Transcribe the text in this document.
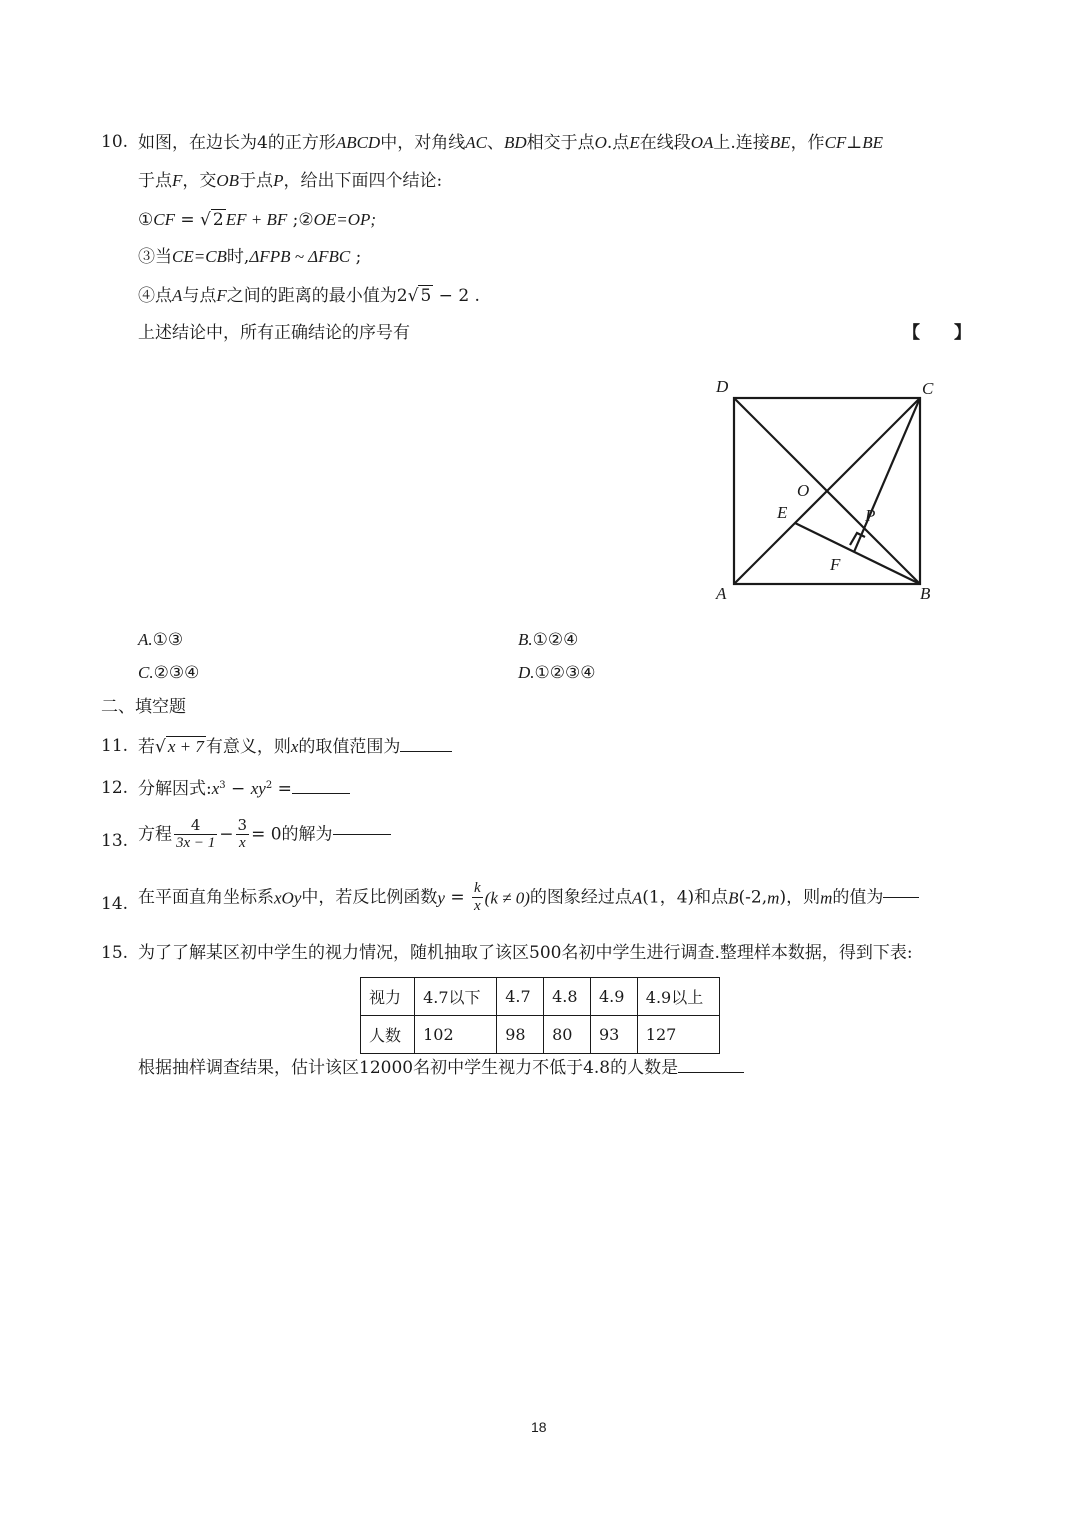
10. 如图，在边长为4的正方形ABCD中，对角线AC、BD相交于点O.点E在线段OA上.连接BE，作CF⊥BE
于点F，交OB于点P，给出下面四个结论:
①CF = √ 2 EF + BF ;②OE=OP;
③当CE=CB时,ΔFPB ~ ΔFBC ;
④点A与点F之间的距离的最小值为2√ 5 − 2 .
上述结论中，所有正确结论的序号有	【　　】
D	C
O
E	P
F
A	B
A.①③	B.①②④
C.②③④	D.①②③④
二、填空题
11. 若√ x + 7 有意义，则x的取值范围为
12. 分解因式$:x^3 - xy^2$ =
13. 方程 $\frac{4}{3x - 1} - \frac{3}{x} = 0$的解为
14. 在平面直角坐标系xOy中，若反比例函数$y = \frac{k}{x} (k \ne 0)$的图象经过点A(1，4)和点B(-2,m)，则m的值为
15. 为了了解某区初中学生的视力情况，随机抽取了该区500名初中学生进行调查.整理样本数据，得到下表:
视力	4.7以下	4.7	4.8	4.9	4.9以上
人数	102	98	80	93	127
根据抽样调查结果，估计该区12000名初中学生视力不低于4.8的人数是
18
